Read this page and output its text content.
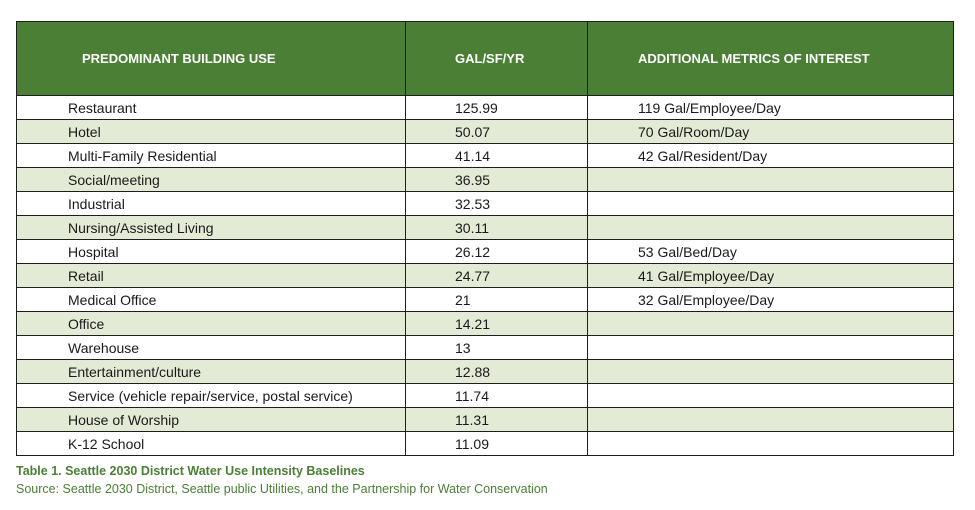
PREDOMINANT BUILDING USE	GAL/SF/YR	ADDITIONAL METRICS OF INTEREST
Restaurant	125.99	119 Gal/Employee/Day
Hotel	50.07	70 Gal/Room/Day
Multi-Family Residential	41.14	42 Gal/Resident/Day
Social/meeting	36.95	
Industrial	32.53	
Nursing/Assisted Living	30.11	
Hospital	26.12	53 Gal/Bed/Day
Retail	24.77	41 Gal/Employee/Day
Medical Office	21	32 Gal/Employee/Day
Office	14.21	
Warehouse	13	
Entertainment/culture	12.88	
Service (vehicle repair/service, postal service)	11.74	
House of Worship	11.31	
K-12 School	11.09	
Table 1. Seattle 2030 District Water Use Intensity Baselines
Source: Seattle 2030 District, Seattle public Utilities, and the Partnership for Water Conservation
